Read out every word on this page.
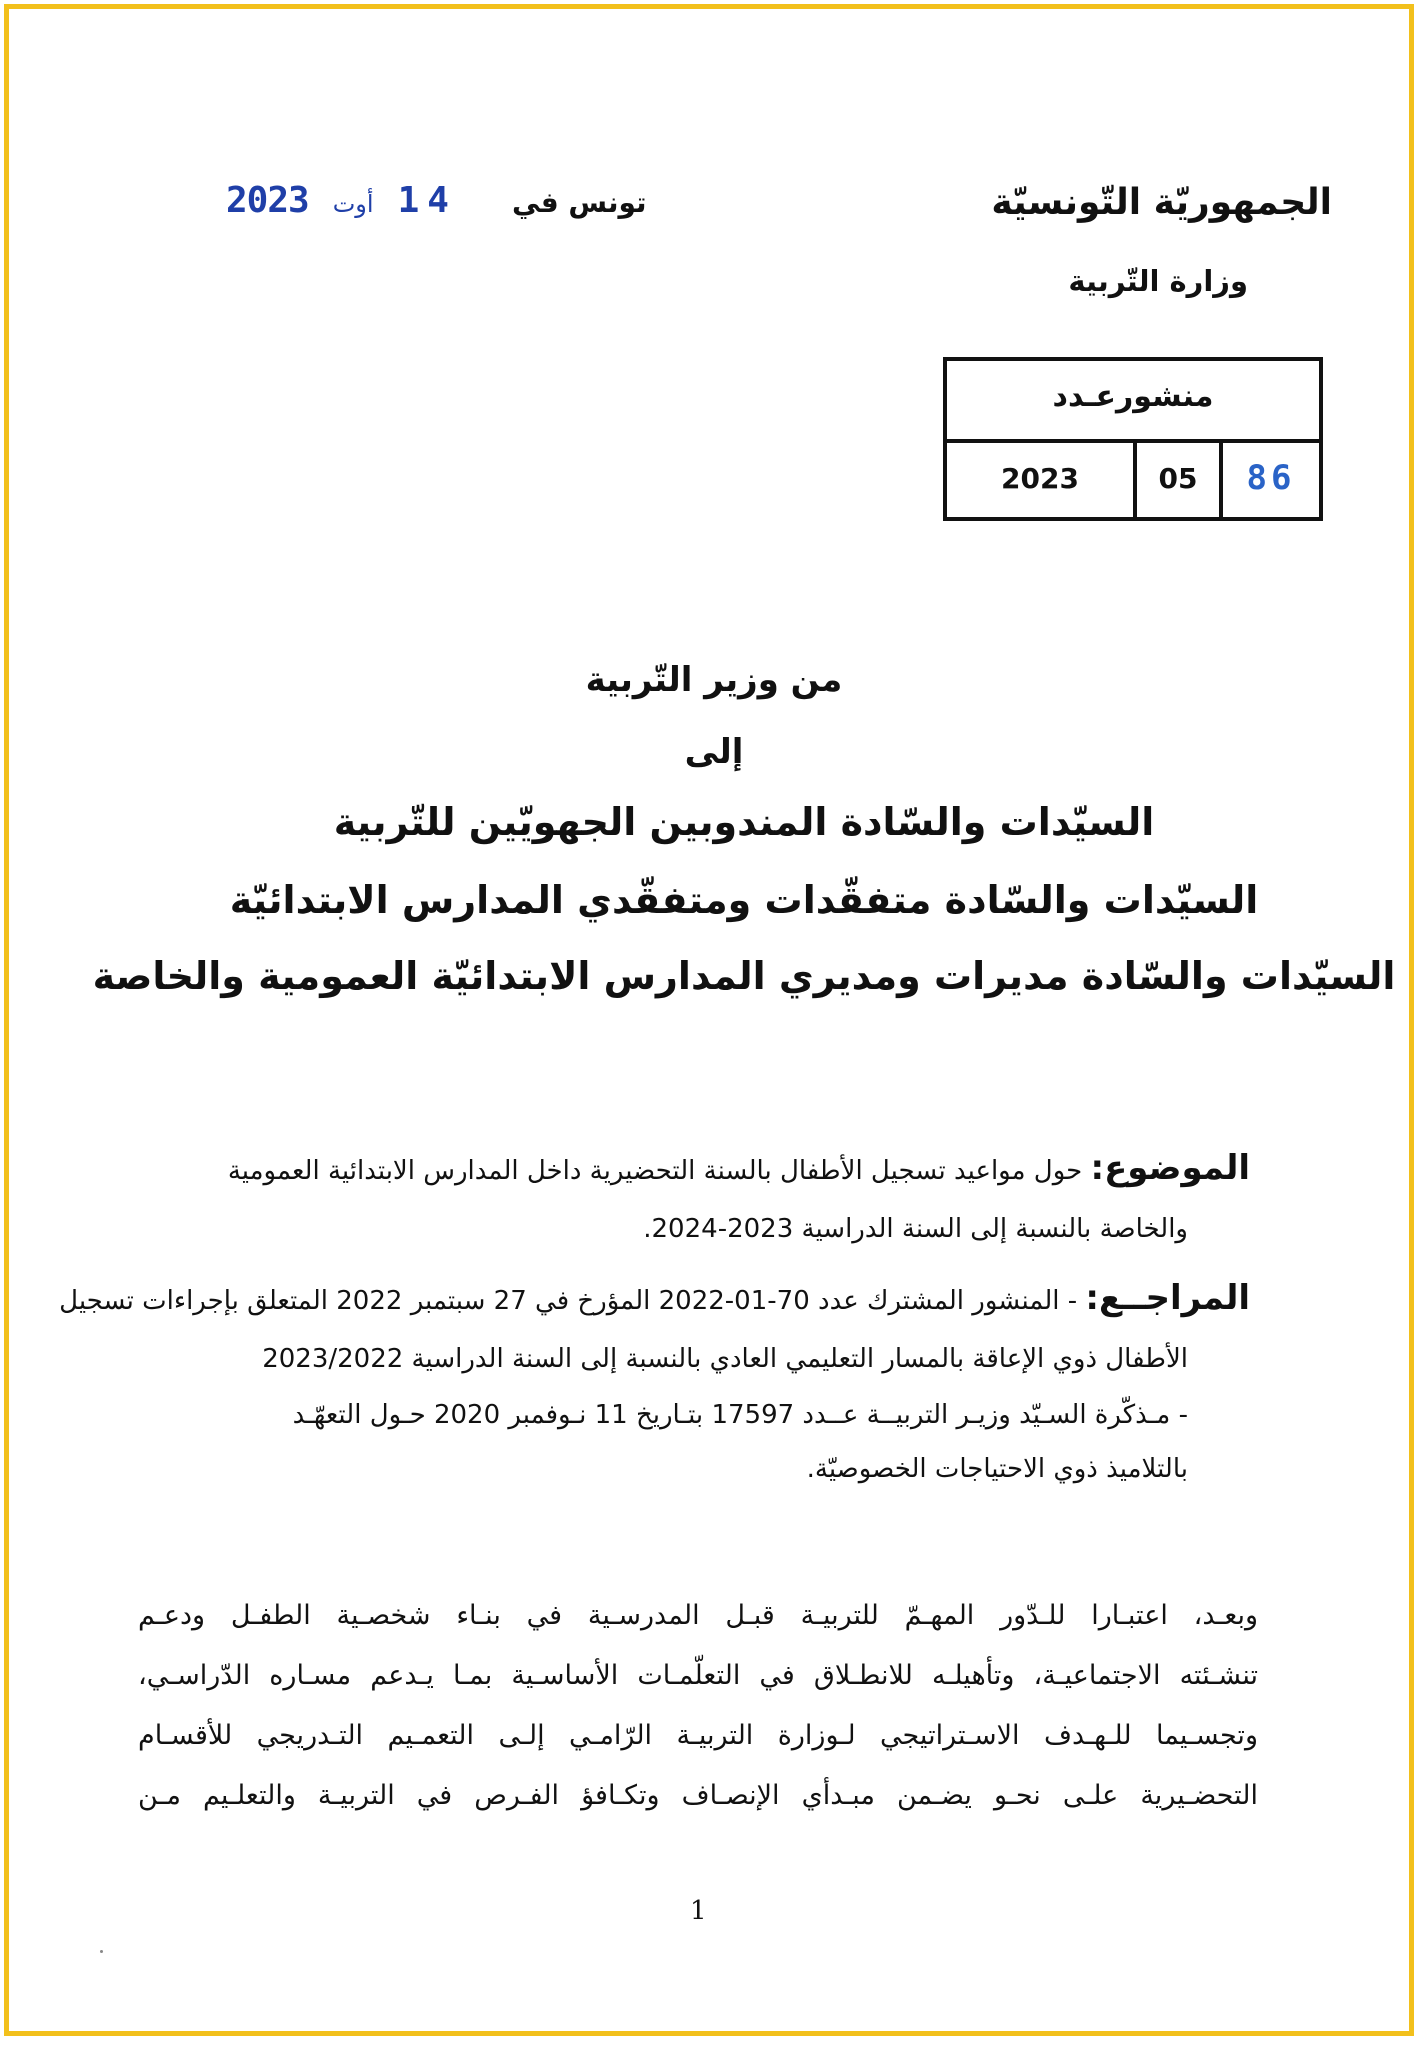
الجمهوريّة التّونسيّة
وزارة التّربية
تونس في
2023 أوت 14
منشورعـدد
2023	05	86
من وزير التّربية
إلى
السيّدات والسّادة المندوبين الجهويّين للتّربية
السيّدات والسّادة متفقّدات ومتفقّدي المدارس الابتدائيّة
السيّدات والسّادة مديرات ومديري المدارس الابتدائيّة العمومية والخاصة
الموضوع: حول مواعيد تسجيل الأطفال بالسنة التحضيرية داخل المدارس الابتدائية العمومية
والخاصة بالنسبة إلى السنة الدراسية 2023-2024.
المراجــع: - المنشور المشترك عدد 70-01-2022 المؤرخ في 27 سبتمبر 2022 المتعلق بإجراءات تسجيل
الأطفال ذوي الإعاقة بالمسار التعليمي العادي بالنسبة إلى السنة الدراسية 2023/2022
- مـذكّرة السـيّد وزيـر التربيــة عــدد 17597 بتـاريخ 11 نـوفمبر 2020 حـول التعهّـد
بالتلاميذ ذوي الاحتياجات الخصوصيّة.
وبعـد، اعتبـارا للـدّور المهـمّ للتربيـة قبـل المدرسـية في بنـاء شخصـية الطفـل ودعـم
تنشـئته الاجتماعيـة، وتأهيلـه للانطـلاق في التعلّمـات الأساسـية بمـا يـدعم مسـاره الدّراسـي،
وتجسـيما للـهـدف الاسـتراتيجي لـوزارة التربيـة الرّامـي إلـى التعمـيم التـدريجي للأقسـام
التحضـيرية علـى نحـو يضـمن مبـدأي الإنصـاف وتكـافؤ الفـرص في التربيـة والتعلـيم مـن
1
